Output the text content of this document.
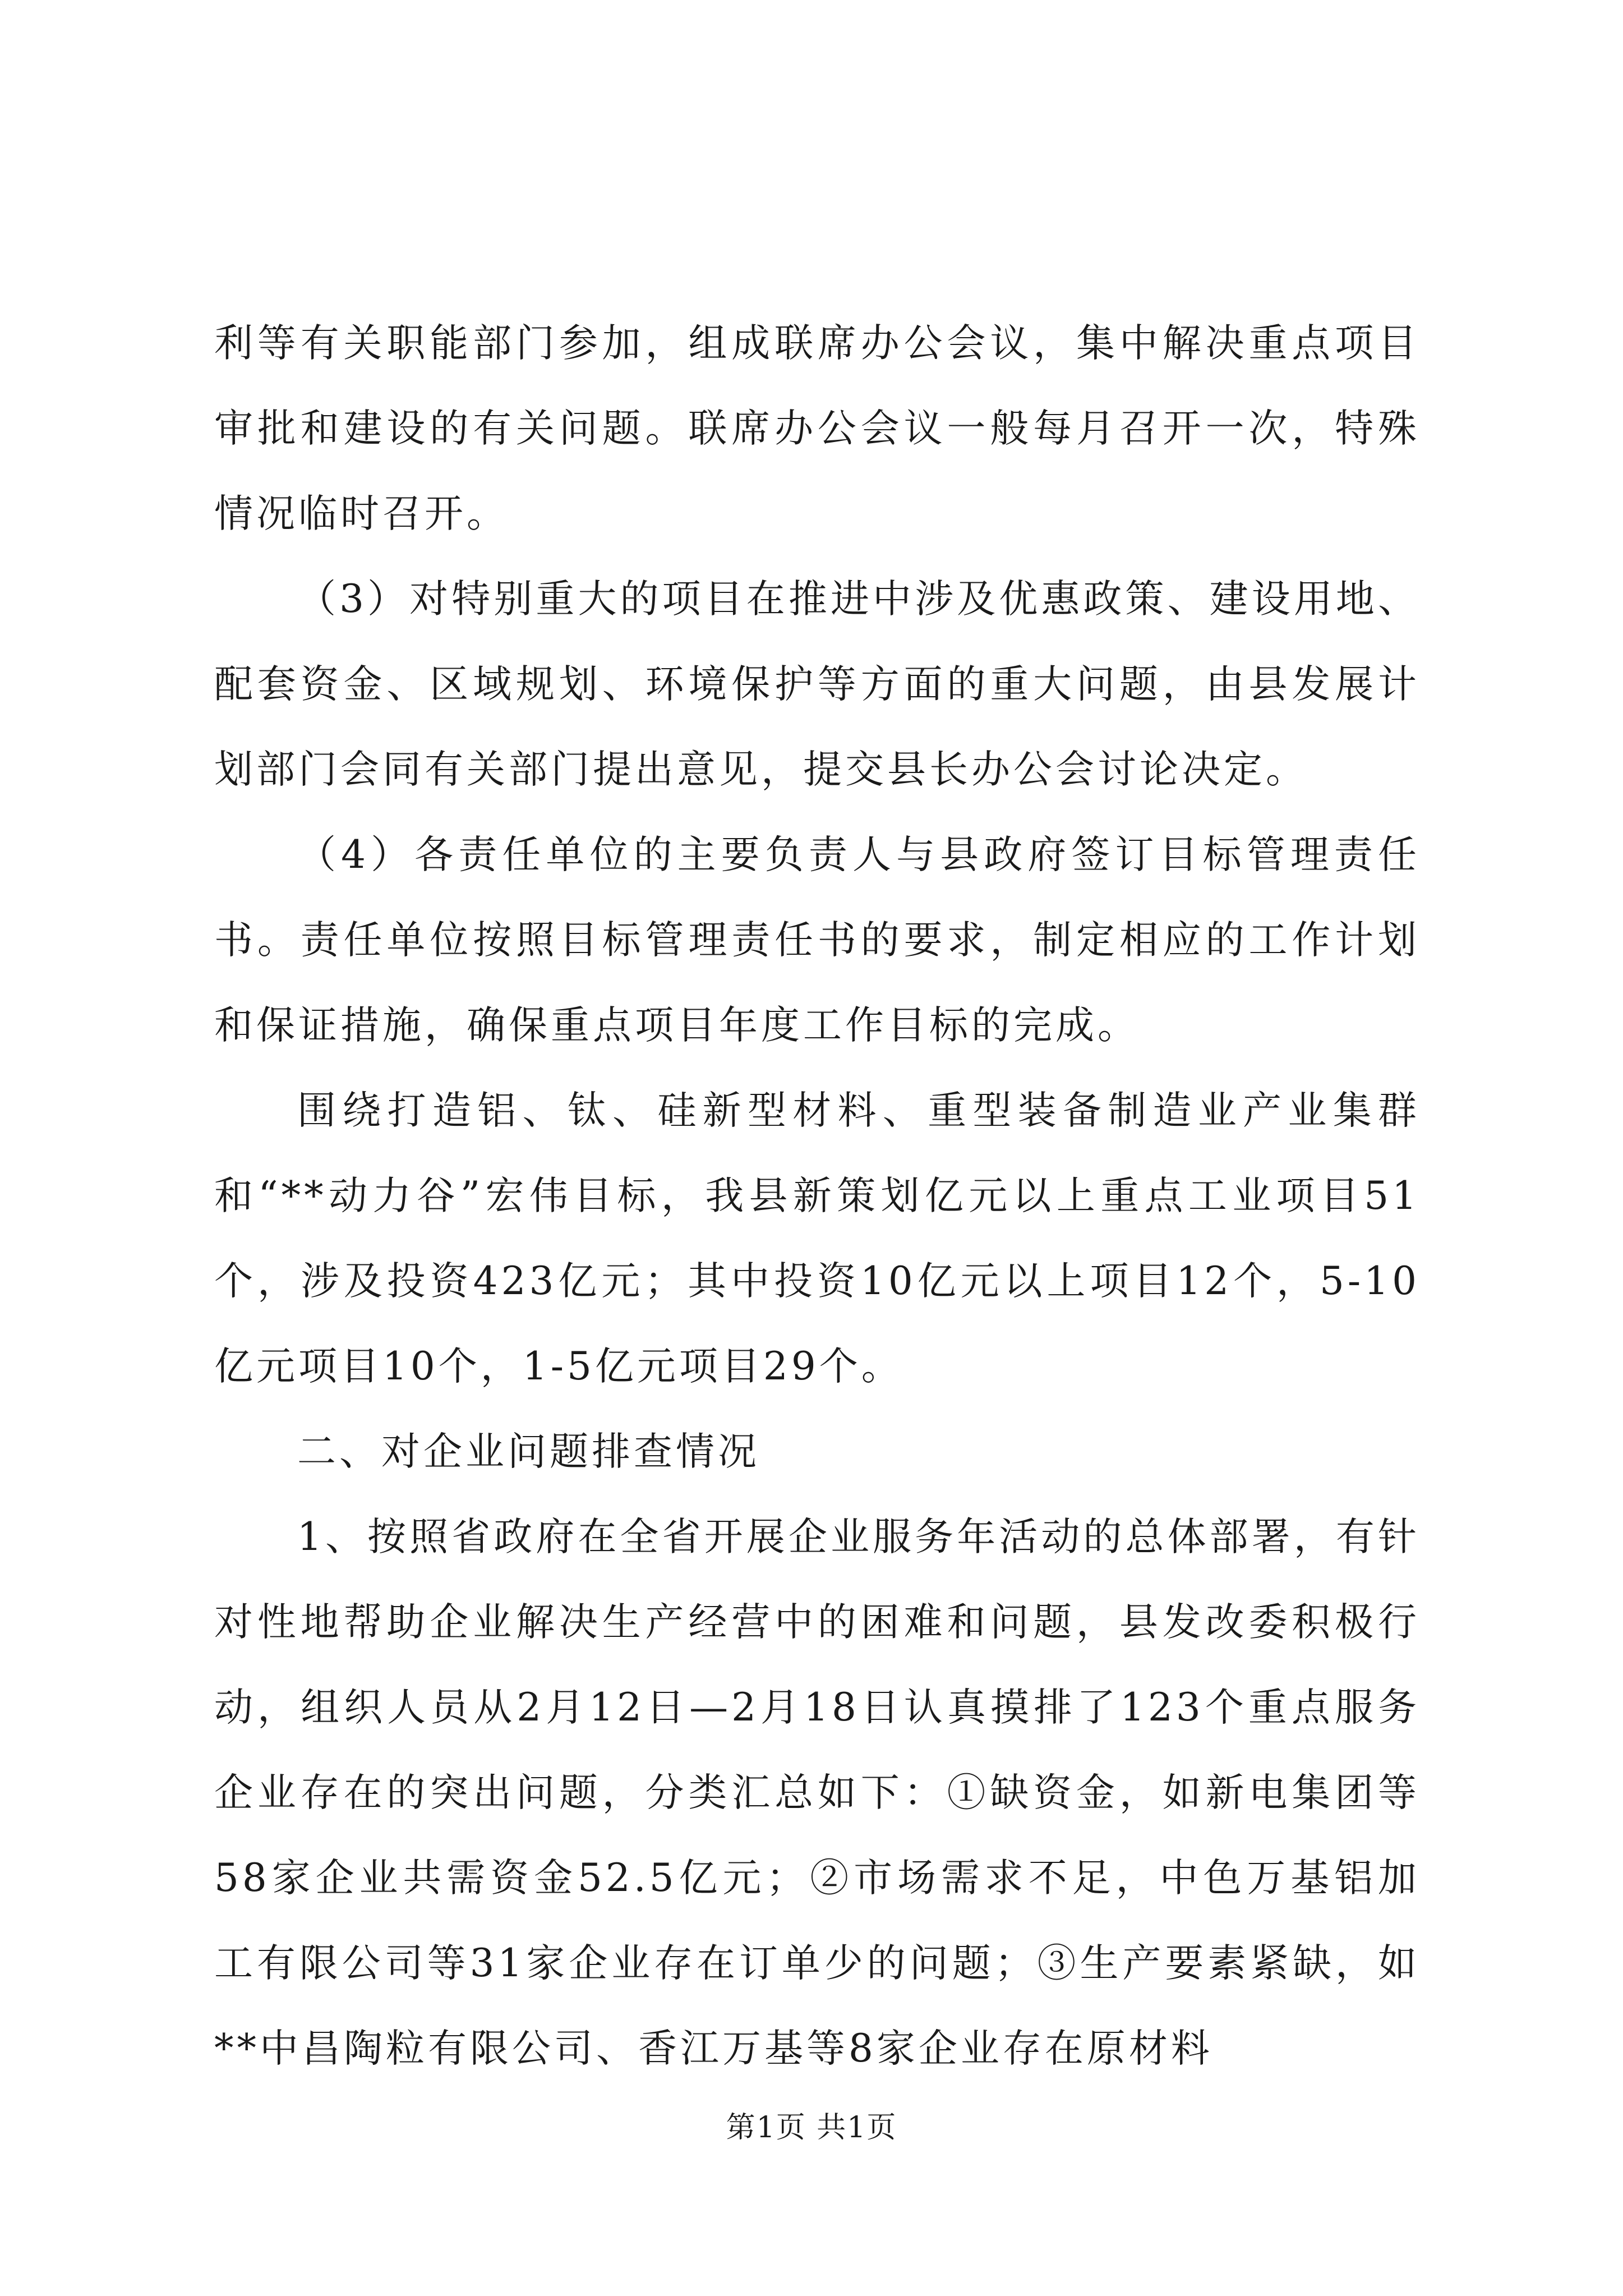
利等有关职能部门参加，组成联席办公会议，集中解决重点项目审批和建设的有关问题。联席办公会议一般每月召开一次，特殊情况临时召开。

（3）对特别重大的项目在推进中涉及优惠政策、建设用地、配套资金、区域规划、环境保护等方面的重大问题，由县发展计划部门会同有关部门提出意见，提交县长办公会讨论决定。

（4）各责任单位的主要负责人与县政府签订目标管理责任书。责任单位按照目标管理责任书的要求，制定相应的工作计划和保证措施，确保重点项目年度工作目标的完成。

围绕打造铝、钛、硅新型材料、重型装备制造业产业集群和“**动力谷”宏伟目标，我县新策划亿元以上重点工业项目51个，涉及投资423亿元；其中投资10亿元以上项目12个，5-10亿元项目10个，1-5亿元项目29个。

二、对企业问题排查情况

1、按照省政府在全省开展企业服务年活动的总体部署，有针对性地帮助企业解决生产经营中的困难和问题，县发改委积极行动，组织人员从2月12日—2月18日认真摸排了123个重点服务企业存在的突出问题，分类汇总如下：①缺资金，如新电集团等58家企业共需资金52.5亿元；②市场需求不足，中色万基铝加工有限公司等31家企业存在订单少的问题；③生产要素紧缺，如**中昌陶粒有限公司、香江万基等8家企业存在原材料

第1页 共1页
